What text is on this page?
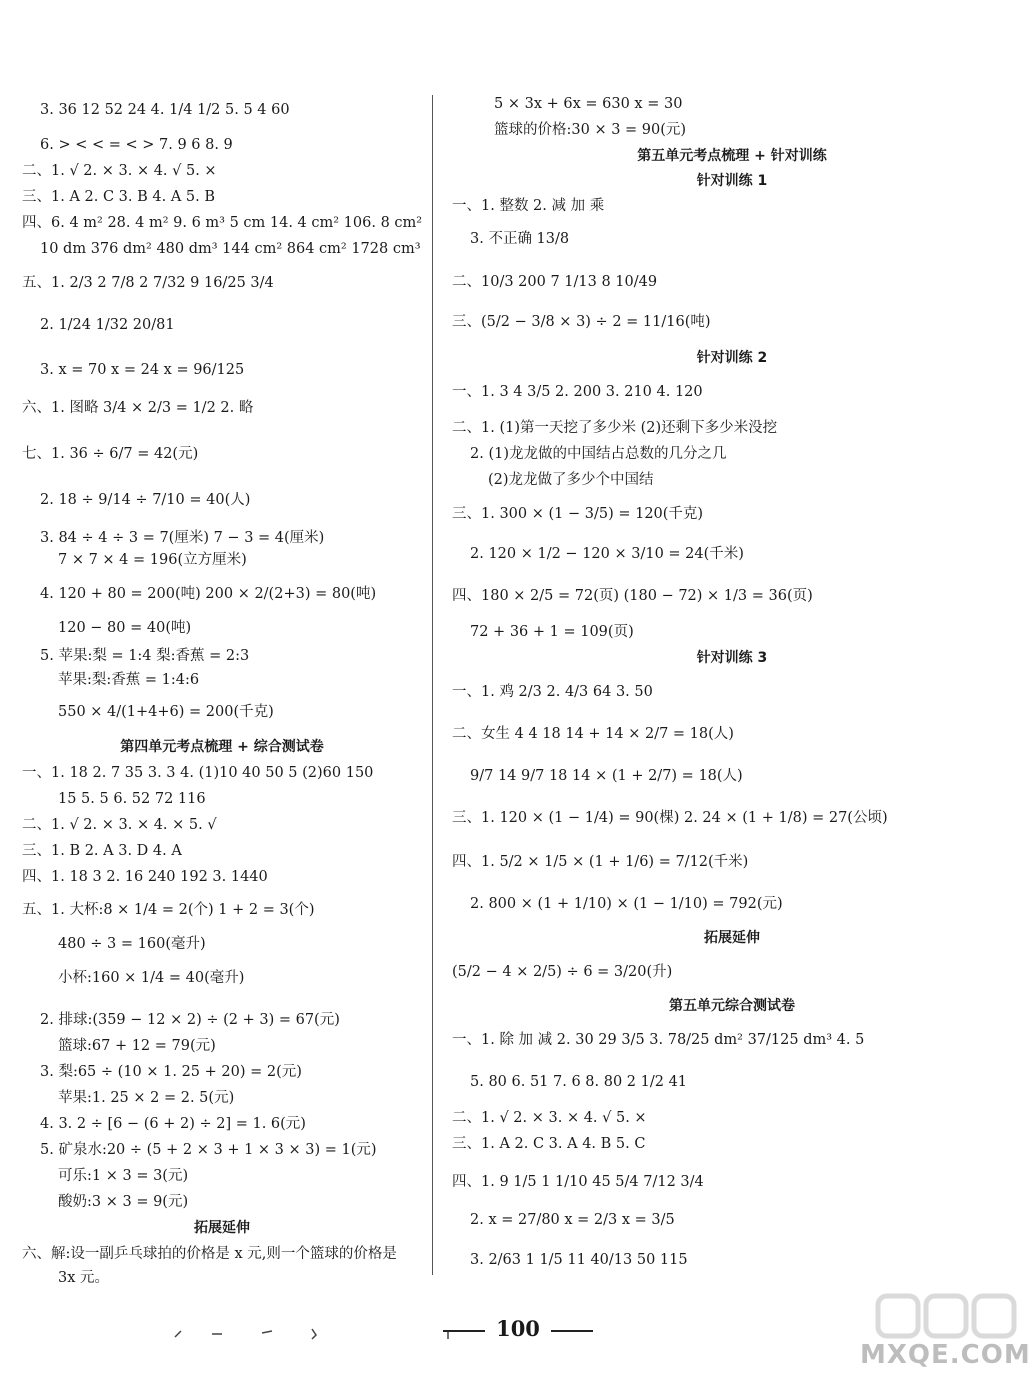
3. 36 12 52 24 4. 1/4 1/2 5. 5 4 60
6. > < < = < > 7. 9 6 8. 9
二、1. √ 2. × 3. × 4. √ 5. ×
三、1. A 2. C 3. B 4. A 5. B
四、6. 4 m² 28. 4 m² 9. 6 m³ 5 cm 14. 4 cm² 106. 8 cm²
10 dm 376 dm² 480 dm³ 144 cm² 864 cm² 1728 cm³
五、1. 2/3 2 7/8 2 7/32 9 16/25 3/4
2. 1/24 1/32 20/81
3. x = 70 x = 24 x = 96/125
六、1. 图略 3/4 × 2/3 = 1/2 2. 略
七、1. 36 ÷ 6/7 = 42(元)
2. 18 ÷ 9/14 ÷ 7/10 = 40(人)
3. 84 ÷ 4 ÷ 3 = 7(厘米) 7 − 3 = 4(厘米)
7 × 7 × 4 = 196(立方厘米)
4. 120 + 80 = 200(吨) 200 × 2/(2+3) = 80(吨)
120 − 80 = 40(吨)
5. 苹果:梨 = 1:4 梨:香蕉 = 2:3
苹果:梨:香蕉 = 1:4:6
550 × 4/(1+4+6) = 200(千克)
第四单元考点梳理 + 综合测试卷
一、1. 18 2. 7 35 3. 3 4. (1)10 40 50 5 (2)60 150
15 5. 5 6. 52 72 116
二、1. √ 2. × 3. × 4. × 5. √
三、1. B 2. A 3. D 4. A
四、1. 18 3 2. 16 240 192 3. 1440
五、1. 大杯:8 × 1/4 = 2(个) 1 + 2 = 3(个)
480 ÷ 3 = 160(毫升)
小杯:160 × 1/4 = 40(毫升)
2. 排球:(359 − 12 × 2) ÷ (2 + 3) = 67(元)
篮球:67 + 12 = 79(元)
3. 梨:65 ÷ (10 × 1. 25 + 20) = 2(元)
苹果:1. 25 × 2 = 2. 5(元)
4. 3. 2 ÷ [6 − (6 + 2) ÷ 2] = 1. 6(元)
5. 矿泉水:20 ÷ (5 + 2 × 3 + 1 × 3 × 3) = 1(元)
可乐:1 × 3 = 3(元)
酸奶:3 × 3 = 9(元)
拓展延伸
六、解:设一副乒乓球拍的价格是 x 元,则一个篮球的价格是
3x 元。
5 × 3x + 6x = 630 x = 30
篮球的价格:30 × 3 = 90(元)
第五单元考点梳理 + 针对训练
针对训练 1
一、1. 整数 2. 减 加 乘
3. 不正确 13/8
二、10/3 200 7 1/13 8 10/49
三、(5/2 − 3/8 × 3) ÷ 2 = 11/16(吨)
针对训练 2
一、1. 3 4 3/5 2. 200 3. 210 4. 120
二、1. (1)第一天挖了多少米 (2)还剩下多少米没挖
2. (1)龙龙做的中国结占总数的几分之几
(2)龙龙做了多少个中国结
三、1. 300 × (1 − 3/5) = 120(千克)
2. 120 × 1/2 − 120 × 3/10 = 24(千米)
四、180 × 2/5 = 72(页) (180 − 72) × 1/3 = 36(页)
72 + 36 + 1 = 109(页)
针对训练 3
一、1. 鸡 2/3 2. 4/3 64 3. 50
二、女生 4 4 18 14 + 14 × 2/7 = 18(人)
9/7 14 9/7 18 14 × (1 + 2/7) = 18(人)
三、1. 120 × (1 − 1/4) = 90(棵) 2. 24 × (1 + 1/8) = 27(公顷)
四、1. 5/2 × 1/5 × (1 + 1/6) = 7/12(千米)
2. 800 × (1 + 1/10) × (1 − 1/10) = 792(元)
拓展延伸
(5/2 − 4 × 2/5) ÷ 6 = 3/20(升)
第五单元综合测试卷
一、1. 除 加 减 2. 30 29 3/5 3. 78/25 dm² 37/125 dm³ 4. 5
5. 80 6. 51 7. 6 8. 80 2 1/2 41
二、1. √ 2. × 3. × 4. √ 5. ×
三、1. A 2. C 3. A 4. B 5. C
四、1. 9 1/5 1 1/10 45 5/4 7/12 3/4
2. x = 27/80 x = 2/3 x = 3/5
3. 2/63 1 1/5 11 40/13 50 115
100
MXQE.COM
